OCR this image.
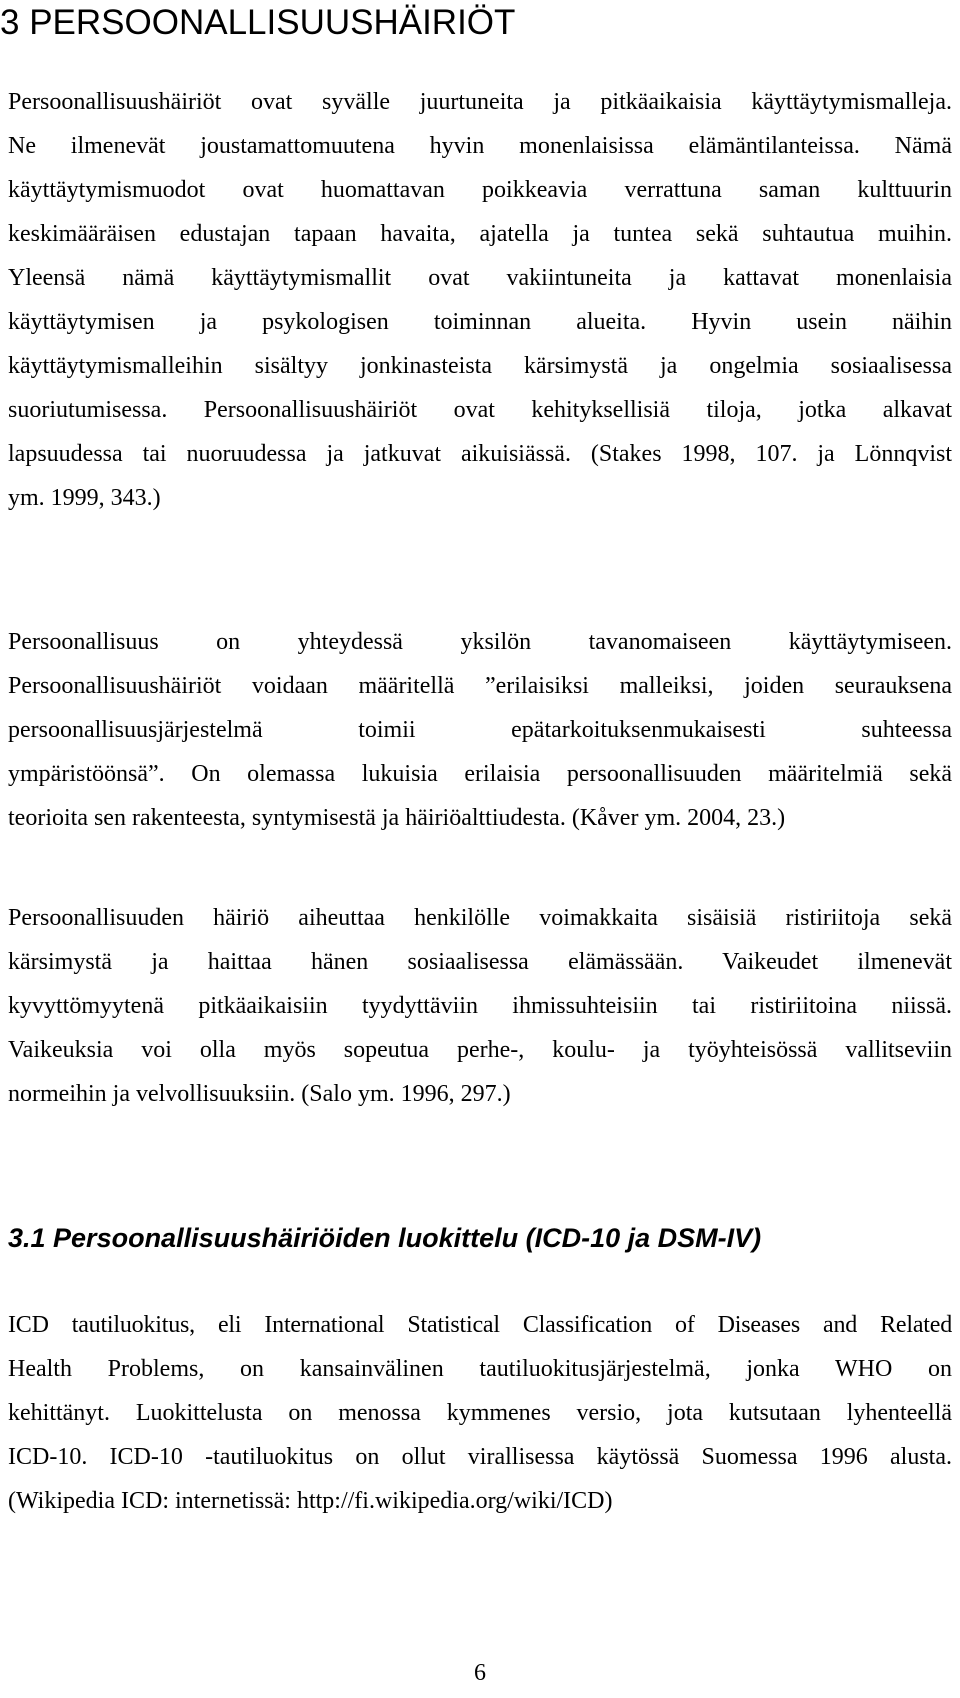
3 PERSOONALLISUUSHÄIRIÖT
Persoonallisuushäiriöt ovat syvälle juurtuneita ja pitkäaikaisia käyttäytymismalleja.
Ne ilmenevät joustamattomuutena hyvin monenlaisissa elämäntilanteissa. Nämä
käyttäytymismuodot ovat huomattavan poikkeavia verrattuna saman kulttuurin
keskimääräisen edustajan tapaan havaita, ajatella ja tuntea sekä suhtautua muihin.
Yleensä nämä käyttäytymismallit ovat vakiintuneita ja kattavat monenlaisia
käyttäytymisen ja psykologisen toiminnan alueita. Hyvin usein näihin
käyttäytymismalleihin sisältyy jonkinasteista kärsimystä ja ongelmia sosiaalisessa
suoriutumisessa. Persoonallisuushäiriöt ovat kehityksellisiä tiloja, jotka alkavat
lapsuudessa tai nuoruudessa ja jatkuvat aikuisiässä. (Stakes 1998, 107. ja Lönnqvist
ym. 1999, 343.)
Persoonallisuus on yhteydessä yksilön tavanomaiseen käyttäytymiseen.
Persoonallisuushäiriöt voidaan määritellä ”erilaisiksi malleiksi, joiden seurauksena
persoonallisuusjärjestelmä toimii epätarkoituksenmukaisesti suhteessa
ympäristöönsä”. On olemassa lukuisia erilaisia persoonallisuuden määritelmiä sekä
teorioita sen rakenteesta, syntymisestä ja häiriöalttiudesta. (Kåver ym. 2004, 23.)
Persoonallisuuden häiriö aiheuttaa henkilölle voimakkaita sisäisiä ristiriitoja sekä
kärsimystä ja haittaa hänen sosiaalisessa elämässään. Vaikeudet ilmenevät
kyvyttömyytenä pitkäaikaisiin tyydyttäviin ihmissuhteisiin tai ristiriitoina niissä.
Vaikeuksia voi olla myös sopeutua perhe-, koulu- ja työyhteisössä vallitseviin
normeihin ja velvollisuuksiin. (Salo ym. 1996, 297.)
3.1 Persoonallisuushäiriöiden luokittelu (ICD-10 ja DSM-IV)
ICD tautiluokitus, eli International Statistical Classification of Diseases and Related
Health Problems, on kansainvälinen tautiluokitusjärjestelmä, jonka WHO on
kehittänyt. Luokittelusta on menossa kymmenes versio, jota kutsutaan lyhenteellä
ICD-10. ICD-10 -tautiluokitus on ollut virallisessa käytössä Suomessa 1996 alusta.
(Wikipedia ICD: internetissä: http://fi.wikipedia.org/wiki/ICD)
6
